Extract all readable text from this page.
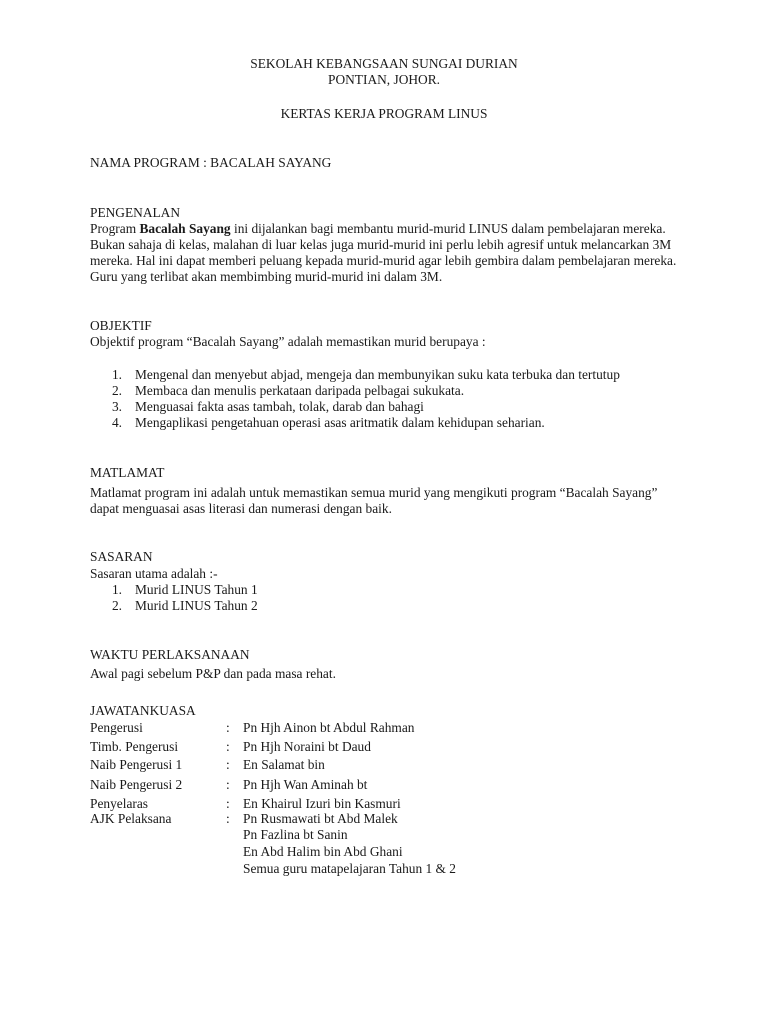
SEKOLAH KEBANGSAAN SUNGAI DURIAN
PONTIAN, JOHOR.
KERTAS KERJA PROGRAM LINUS
NAMA PROGRAM : BACALAH SAYANG
PENGENALAN
Program Bacalah Sayang ini dijalankan bagi membantu murid-murid LINUS dalam pembelajaran mereka.
Bukan sahaja di kelas, malahan di luar kelas juga murid-murid ini perlu lebih agresif untuk melancarkan 3M
mereka. Hal ini dapat memberi peluang kepada murid-murid agar lebih gembira dalam pembelajaran mereka.
Guru yang terlibat akan membimbing murid-murid ini dalam 3M.
OBJEKTIF
Objektif program “Bacalah Sayang” adalah memastikan murid berupaya :
1. Mengenal dan menyebut abjad, mengeja dan membunyikan suku kata terbuka dan tertutup
2. Membaca dan menulis perkataan daripada pelbagai sukukata.
3. Menguasai fakta asas tambah, tolak, darab dan bahagi
4. Mengaplikasi pengetahuan operasi asas aritmatik dalam kehidupan seharian.
MATLAMAT
Matlamat program ini adalah untuk memastikan semua murid yang mengikuti program “Bacalah Sayang”
dapat menguasai asas literasi dan numerasi dengan baik.
SASARAN
Sasaran utama adalah :-
1. Murid LINUS Tahun 1
2. Murid LINUS Tahun 2
WAKTU PERLAKSANAAN
Awal pagi sebelum P&P dan pada masa rehat.
JAWATANKUASA
Pengerusi	: Pn Hjh Ainon bt Abdul Rahman
Timb. Pengerusi	: Pn Hjh Noraini bt Daud
Naib Pengerusi 1	: En Salamat bin
Naib Pengerusi 2	: Pn Hjh Wan Aminah bt
Penyelaras	: En Khairul Izuri bin Kasmuri
AJK Pelaksana	: Pn Rusmawati bt Abd Malek
Pn Fazlina bt Sanin
En Abd Halim bin Abd Ghani
Semua guru matapelajaran Tahun 1 & 2
